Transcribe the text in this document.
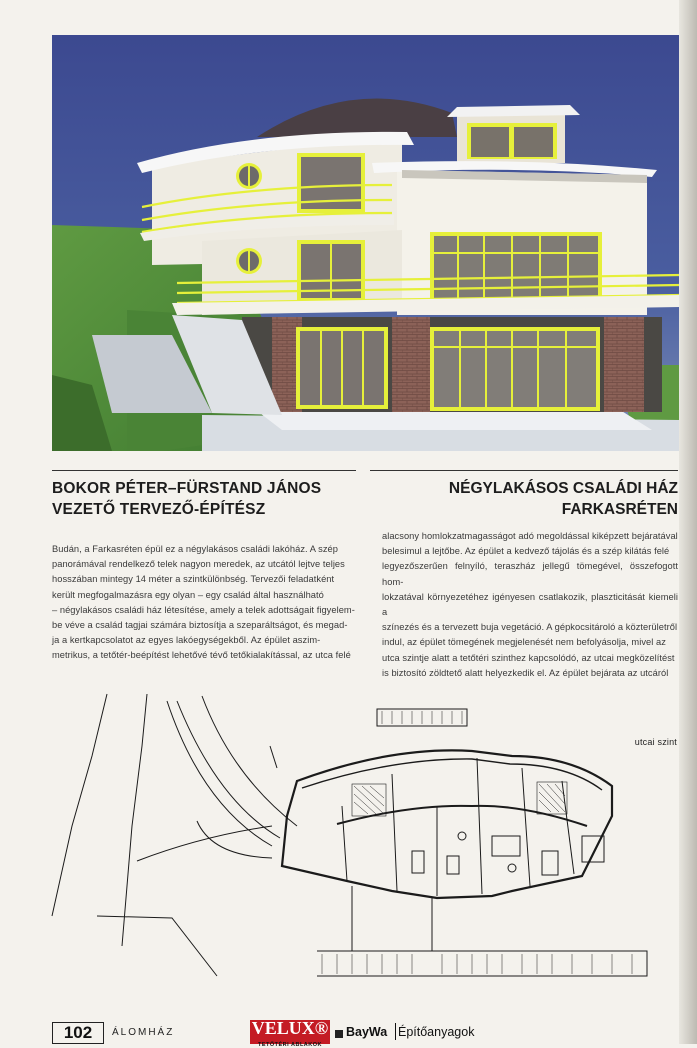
BOKOR PÉTER–FÜRSTAND JÁNOS
VEZETŐ TERVEZŐ-ÉPÍTÉSZ
NÉGYLAKÁSOS CSALÁDI HÁZ FARKASRÉTEN

Budán, a Farkasréten épül ez a négylakásos családi lakóház. A szép

panorámával rendelkező telek nagyon meredek, az utcától lejtve teljes

hosszában mintegy 14 méter a szintkülönbség. Tervezői feladatként

került megfogalmazásra egy olyan – egy család által használható

– négylakásos családi ház létesítése, amely a telek adottságait figyelem-

be véve a család tagjai számára biztosítja a szeparáltságot, és megad-

ja a kertkapcsolatot az egyes lakóegységekből. Az épület aszim-

metrikus, a tetőtér-beépítést lehetővé tévő tetőkialakítással, az utca felé

alacsony homlokzatmagasságot adó megoldással kiképzett bejáratával

belesimul a lejtőbe. Az épület a kedvező tájolás és a szép kilátás felé

legyezőszerűen felnyíló, teraszház jellegű tömegével, összefogott hom-

lokzatával környezetéhez igényesen csatlakozik, plaszticitását kiemeli a

színezés és a tervezett buja vegetáció. A gépkocsitároló a közterületről

indul, az épület tömegének megjelenését nem befolyásolja, mivel az

utca szintje alatt a tetőtéri szinthez kapcsolódó, az utcai megközelítést

is biztosító zöldtető alatt helyezkedik el. Az épület bejárata az utcáról

utcai szint
102	ÁLOMHÁZ	VELUX®
TETŐTÉRI ABLAKOK
BayWa Építőanyagok
